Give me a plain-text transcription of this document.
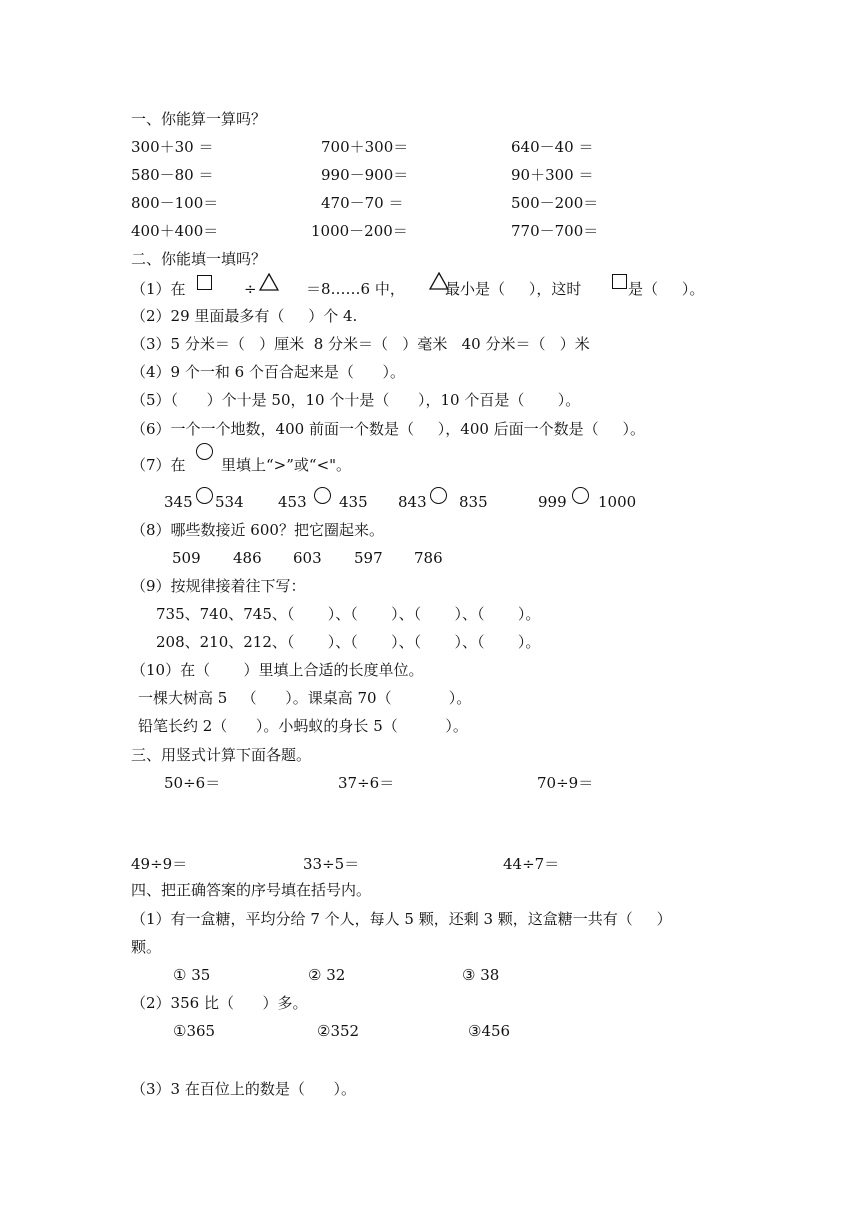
一、你能算一算吗？
300＋30 ＝	700＋300＝	640－40 ＝
580－80 ＝	990－900＝	90＋300 ＝
800－100＝	470－70 ＝	500－200＝
400＋400＝	1000－200＝	770－700＝
二、你能填一填吗？
（1）在	÷	＝8……6 中，	最小是（     ），这时	是（     ）。
（2）29 里面最多有（     ）个 4.
（3）5 分米＝（   ）厘米  8 分米＝（   ）毫米   40 分米＝（   ）米
（4）9 个一和 6 个百合起来是（      ）。
（5）（      ）个十是 50，10 个十是（      ），10 个百是（       ）。
（6）一个一个地数，400 前面一个数是（     ），400 后面一个数是（     ）。
（7）在 里填上“>”或“<"。
345 534 453 435 843 835	999 1000
（8）哪些数接近 600？把它圈起来。
509 486 603 597 786
（9）按规律接着往下写：
735、740、745、（       ）、（       ）、（       ）、（       ）。
208、210、212、（       ）、（       ）、（       ）、（       ）。
（10）在（       ）里填上合适的长度单位。
一棵大树高 5   （      ）。课桌高 70（            ）。
铅笔长约 2（      ）。小蚂蚁的身长 5（          ）。
三、用竖式计算下面各题。
50÷6＝	37÷6＝	70÷9＝
49÷9＝	33÷5＝	44÷7＝
四、把正确答案的序号填在括号内。
（1）有一盒糖，平均分给 7 个人，每人 5 颗，还剩 3 颗，这盒糖一共有（     ）
颗。
① 35	② 32	③ 38
（2）356 比（      ）多。
①365	②352	③456
（3）3 在百位上的数是（      ）。
